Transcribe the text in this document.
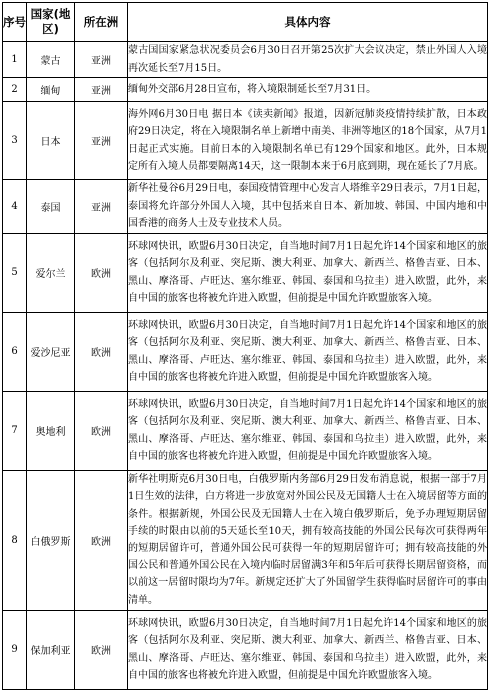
序号	国家(地区)	所在洲	具体内容
1	蒙古	亚洲	蒙古国国家紧急状况委员会6月30日召开第25次扩大会议决定，禁止外国人入境再次延长至7月15日。
2	缅甸	亚洲	缅甸外交部6月28日宣布，将入境限制延长至7月31日。
3	日本	亚洲	海外网6月30日电 据日本《读卖新闻》报道，因新冠肺炎疫情持续扩散，日本政府29日决定，将在入境限制名单上新增中南美、非洲等地区的18个国家，从7月1日起正式实施。目前日本的入境限制名单已有129个国家和地区。此外，日本规定所有入境人员都要隔离14天，这一限制本来于6月底到期，现在延长了7月底。
4	泰国	亚洲	新华社曼谷6月29日电，泰国疫情管理中心发言人塔维辛29日表示，7月1日起，泰国将允许部分外国人入境，其中包括来自日本、新加坡、韩国、中国内地和中国香港的商务人士及专业技术人员。
5	爱尔兰	欧洲	环球网快讯，欧盟6月30日决定，自当地时间7月1日起允许14个国家和地区的旅客（包括阿尔及利亚、突尼斯、澳大利亚、加拿大、新西兰、格鲁吉亚、日本、黑山、摩洛哥、卢旺达、塞尔维亚、韩国、泰国和乌拉圭）进入欧盟，此外，来自中国的旅客也将被允许进入欧盟，但前提是中国允许欧盟旅客入境。
6	爱沙尼亚	欧洲	环球网快讯，欧盟6月30日决定，自当地时间7月1日起允许14个国家和地区的旅客（包括阿尔及利亚、突尼斯、澳大利亚、加拿大、新西兰、格鲁吉亚、日本、黑山、摩洛哥、卢旺达、塞尔维亚、韩国、泰国和乌拉圭）进入欧盟，此外，来自中国的旅客也将被允许进入欧盟，但前提是中国允许欧盟旅客入境。
7	奥地利	欧洲	环球网快讯，欧盟6月30日决定，自当地时间7月1日起允许14个国家和地区的旅客（包括阿尔及利亚、突尼斯、澳大利亚、加拿大、新西兰、格鲁吉亚、日本、黑山、摩洛哥、卢旺达、塞尔维亚、韩国、泰国和乌拉圭）进入欧盟，此外，来自中国的旅客也将被允许进入欧盟，但前提是中国允许欧盟旅客入境。
8	白俄罗斯	欧洲	新华社明斯克6月30日电，白俄罗斯内务部6月29日发布消息说，根据一部于7月1日生效的法律，白方将进一步放宽对外国公民及无国籍人士在入境居留等方面的条件。根据新规，外国公民及无国籍人士在入境白俄罗斯后，免予办理短期居留手续的时限由以前的5天延长至10天，拥有较高技能的外国公民每次可获得两年的短期居留许可，普通外国公民可获得一年的短期居留许可；拥有较高技能的外国公民和普通外国公民在入境内临时居留满3年和5年后可获得长期居留资格，而以前这一居留时限均为7年。新规定还扩大了外国留学生获得临时居留许可的事由清单。
9	保加利亚	欧洲	环球网快讯，欧盟6月30日决定，自当地时间7月1日起允许14个国家和地区的旅客（包括阿尔及利亚、突尼斯、澳大利亚、加拿大、新西兰、格鲁吉亚、日本、黑山、摩洛哥、卢旺达、塞尔维亚、韩国、泰国和乌拉圭）进入欧盟，此外，来自中国的旅客也将被允许进入欧盟，但前提是中国允许欧盟旅客入境。
